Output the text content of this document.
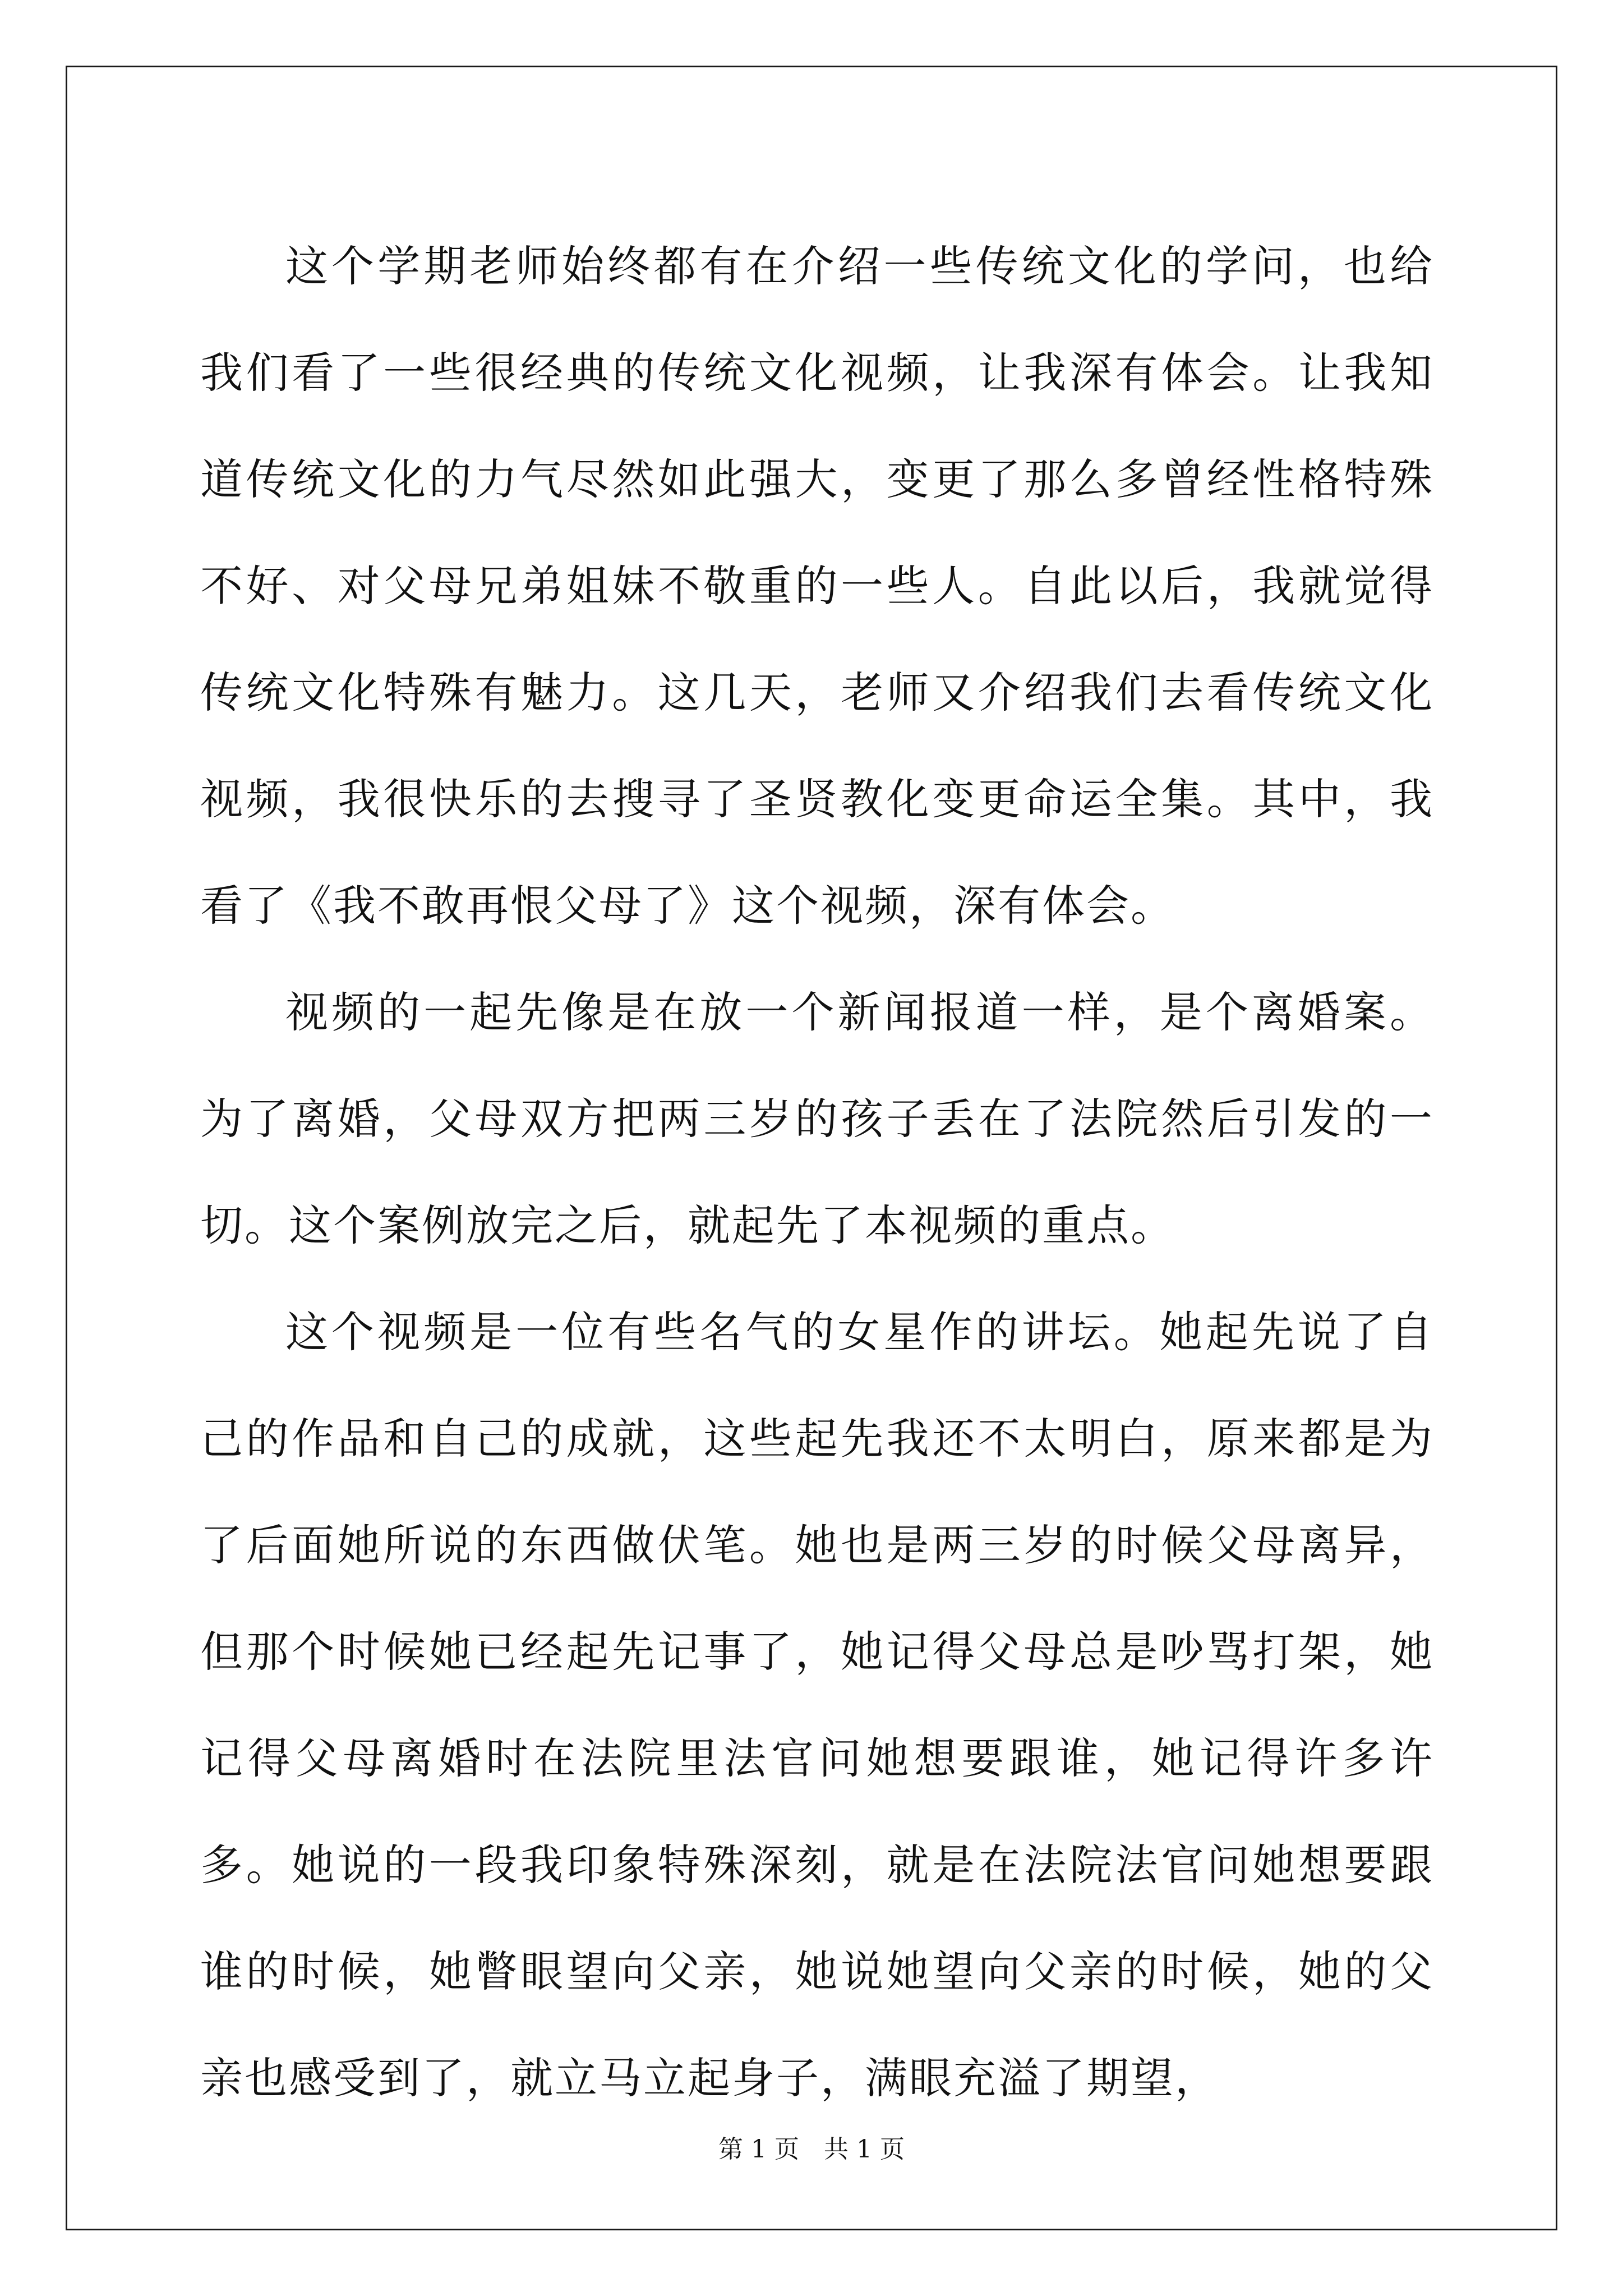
这个学期老师始终都有在介绍一些传统文化的学问，也给我们看了一些很经典的传统文化视频，让我深有体会。让我知道传统文化的力气尽然如此强大，变更了那么多曾经性格特殊不好、对父母兄弟姐妹不敬重的一些人。自此以后，我就觉得传统文化特殊有魅力。这几天，老师又介绍我们去看传统文化视频，我很快乐的去搜寻了圣贤教化变更命运全集。其中，我看了《我不敢再恨父母了》这个视频，深有体会。

视频的一起先像是在放一个新闻报道一样，是个离婚案。为了离婚，父母双方把两三岁的孩子丢在了法院然后引发的一切。这个案例放完之后，就起先了本视频的重点。

这个视频是一位有些名气的女星作的讲坛。她起先说了自己的作品和自己的成就，这些起先我还不太明白，原来都是为了后面她所说的东西做伏笔。她也是两三岁的时候父母离异，但那个时候她已经起先记事了，她记得父母总是吵骂打架，她记得父母离婚时在法院里法官问她想要跟谁，她记得许多许多。她说的一段我印象特殊深刻，就是在法院法官问她想要跟谁的时候，她瞥眼望向父亲，她说她望向父亲的时候，她的父亲也感受到了，就立马立起身子，满眼充溢了期望，

第 1 页　共 1 页
